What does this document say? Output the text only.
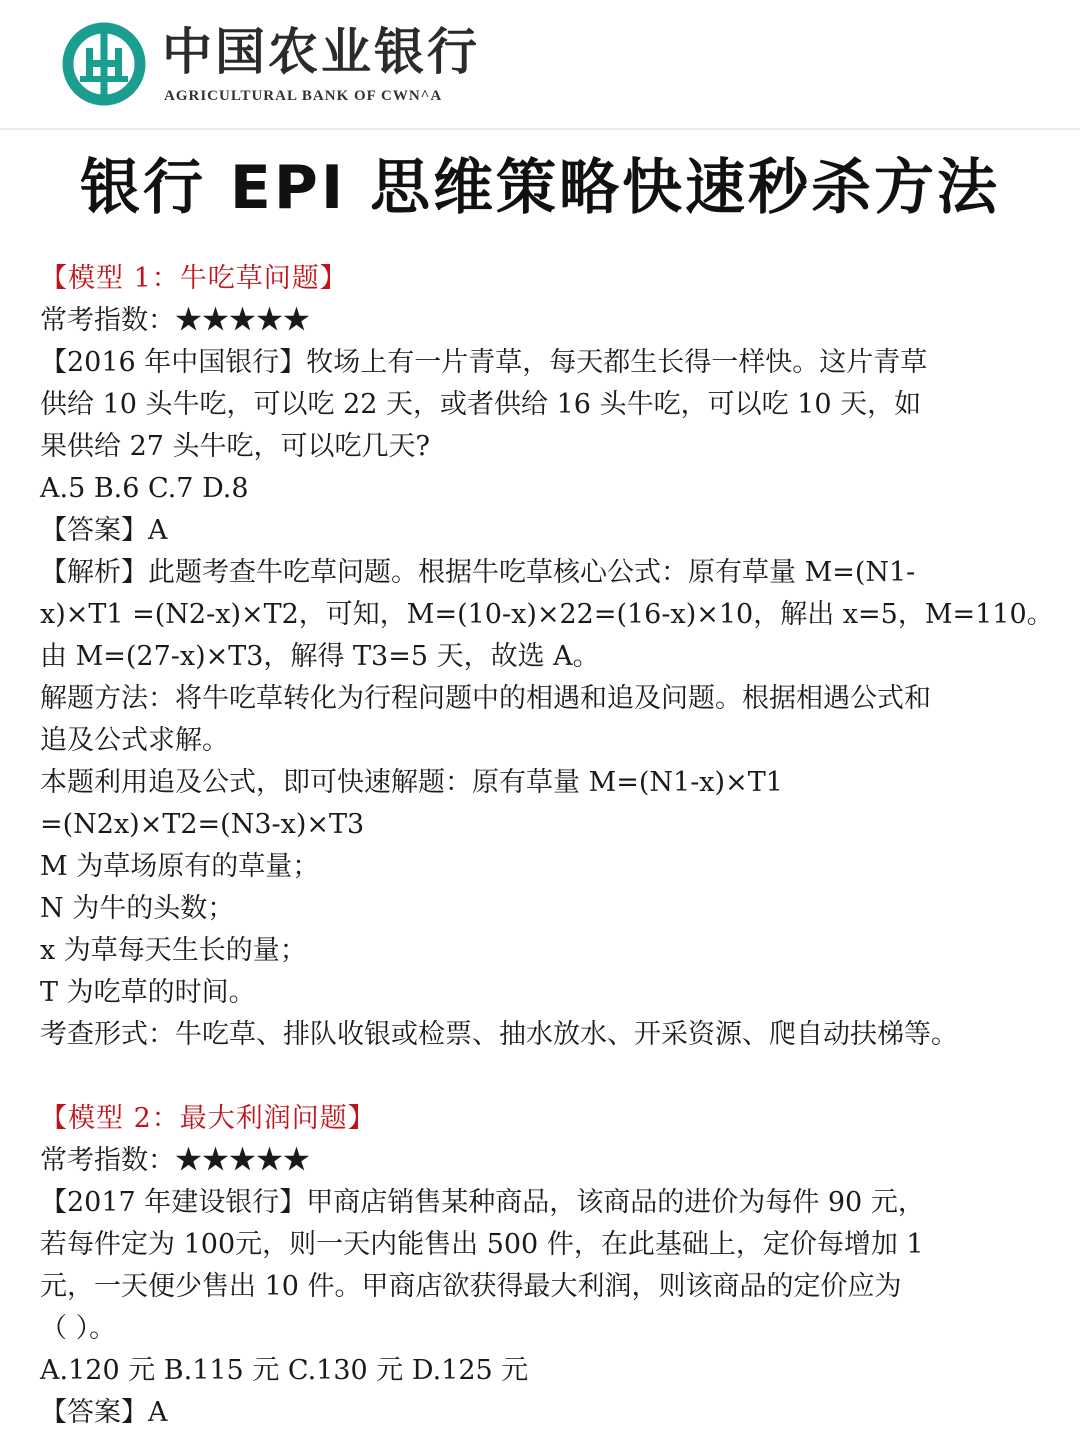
中国农业银行
AGRICULTURAL BANK OF CWN^A
银行 EPI 思维策略快速秒杀方法
【模型 1：牛吃草问题】
常考指数：★★★★★
【2016 年中国银行】牧场上有一片青草，每天都生长得一样快。这片青草
供给 10 头牛吃，可以吃 22 天，或者供给 16 头牛吃，可以吃 10 天，如
果供给 27 头牛吃，可以吃几天?
A.5 B.6 C.7 D.8
【答案】A
【解析】此题考查牛吃草问题。根据牛吃草核心公式：原有草量 M=(N1-
x)×T1 =(N2-x)×T2，可知，M=(10-x)×22=(16-x)×10，解出 x=5，M=110。
由 M=(27-x)×T3，解得 T3=5 天，故选 A。
解题方法：将牛吃草转化为行程问题中的相遇和追及问题。根据相遇公式和
追及公式求解。
本题利用追及公式，即可快速解题：原有草量 M=(N1-x)×T1
=(N2x)×T2=(N3-x)×T3
M 为草场原有的草量；
N 为牛的头数；
x 为草每天生长的量；
T 为吃草的时间。
考查形式：牛吃草、排队收银或检票、抽水放水、开采资源、爬自动扶梯等。
【模型 2：最大利润问题】
常考指数：★★★★★
【2017 年建设银行】甲商店销售某种商品，该商品的进价为每件 90 元，
若每件定为 100元，则一天内能售出 500 件，在此基础上，定价每增加 1
元，一天便少售出 10 件。甲商店欲获得最大利润，则该商品的定价应为
（ ）。
A.120 元 B.115 元 C.130 元 D.125 元
【答案】A
